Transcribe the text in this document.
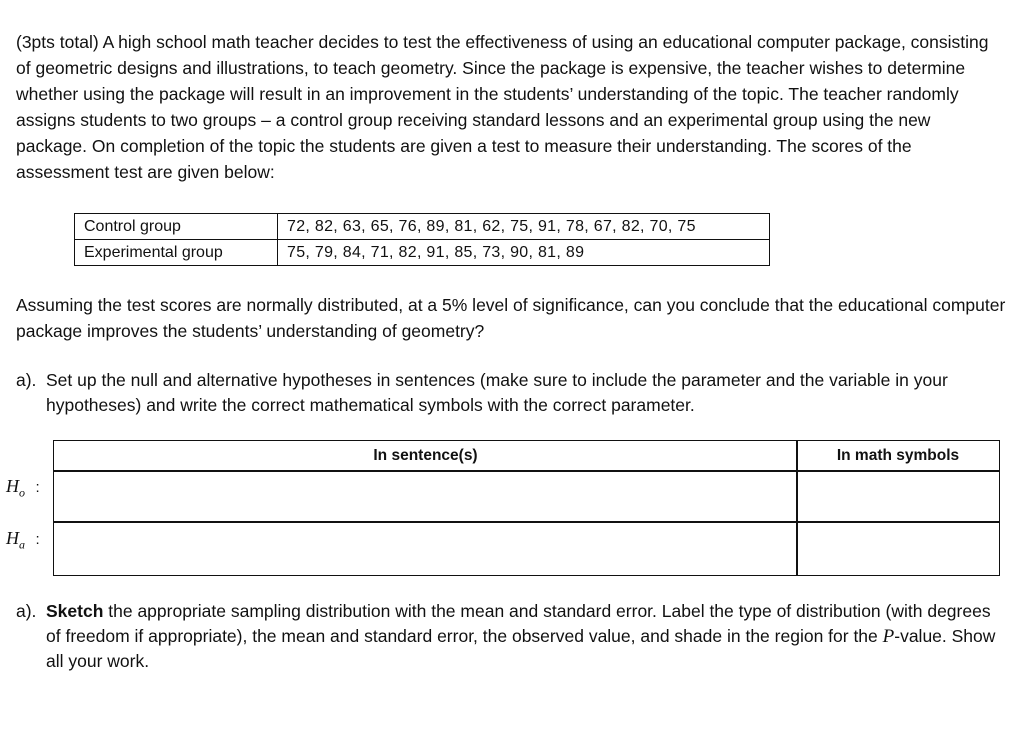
(3pts total) A high school math teacher decides to test the effectiveness of using an educational computer package, consisting of geometric designs and illustrations, to teach geometry. Since the package is expensive, the teacher wishes to determine whether using the package will result in an improvement in the students’ understanding of the topic. The teacher randomly assigns students to two groups – a control group receiving standard lessons and an experimental group using the new package. On completion of the topic the students are given a test to measure their understanding. The scores of the assessment test are given below:
Control group	72, 82, 63, 65, 76, 89, 81, 62, 75, 91, 78, 67, 82, 70, 75
Experimental group	75, 79, 84, 71, 82, 91, 85, 73, 90, 81, 89
Assuming the test scores are normally distributed, at a 5% level of significance, can you conclude that the educational computer package improves the students’ understanding of geometry?
a). Set up the null and alternative hypotheses in sentences (make sure to include the parameter and the variable in your hypotheses) and write the correct mathematical symbols with the correct parameter.
In sentence(s)	In math symbols
$H_o$ :
$H_a$ :
a). Sketch the appropriate sampling distribution with the mean and standard error. Label the type of distribution (with degrees of freedom if appropriate), the mean and standard error, the observed value, and shade in the region for the P-value. Show all your work.
